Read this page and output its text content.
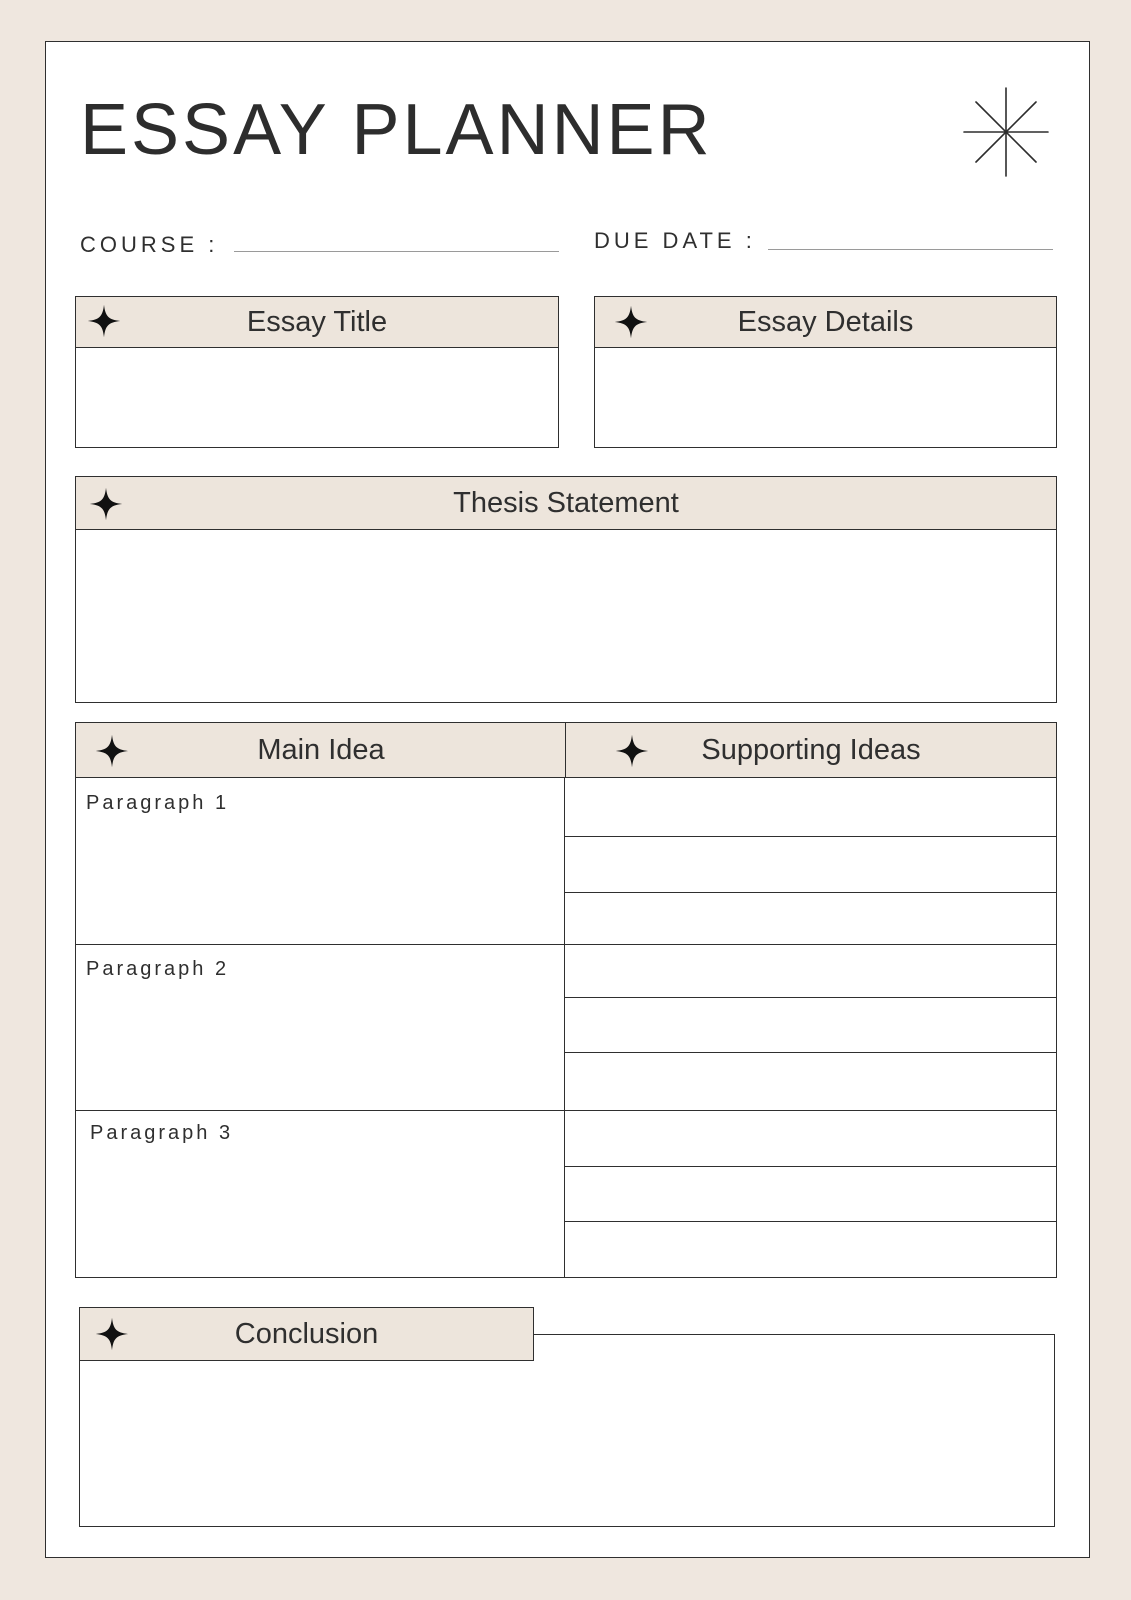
ESSAY PLANNER
COURSE :	DUE DATE :
Essay Title	Essay Details
Thesis Statement
Main Idea	Supporting Ideas
Paragraph 1
Paragraph 2
Paragraph 3
Conclusion
